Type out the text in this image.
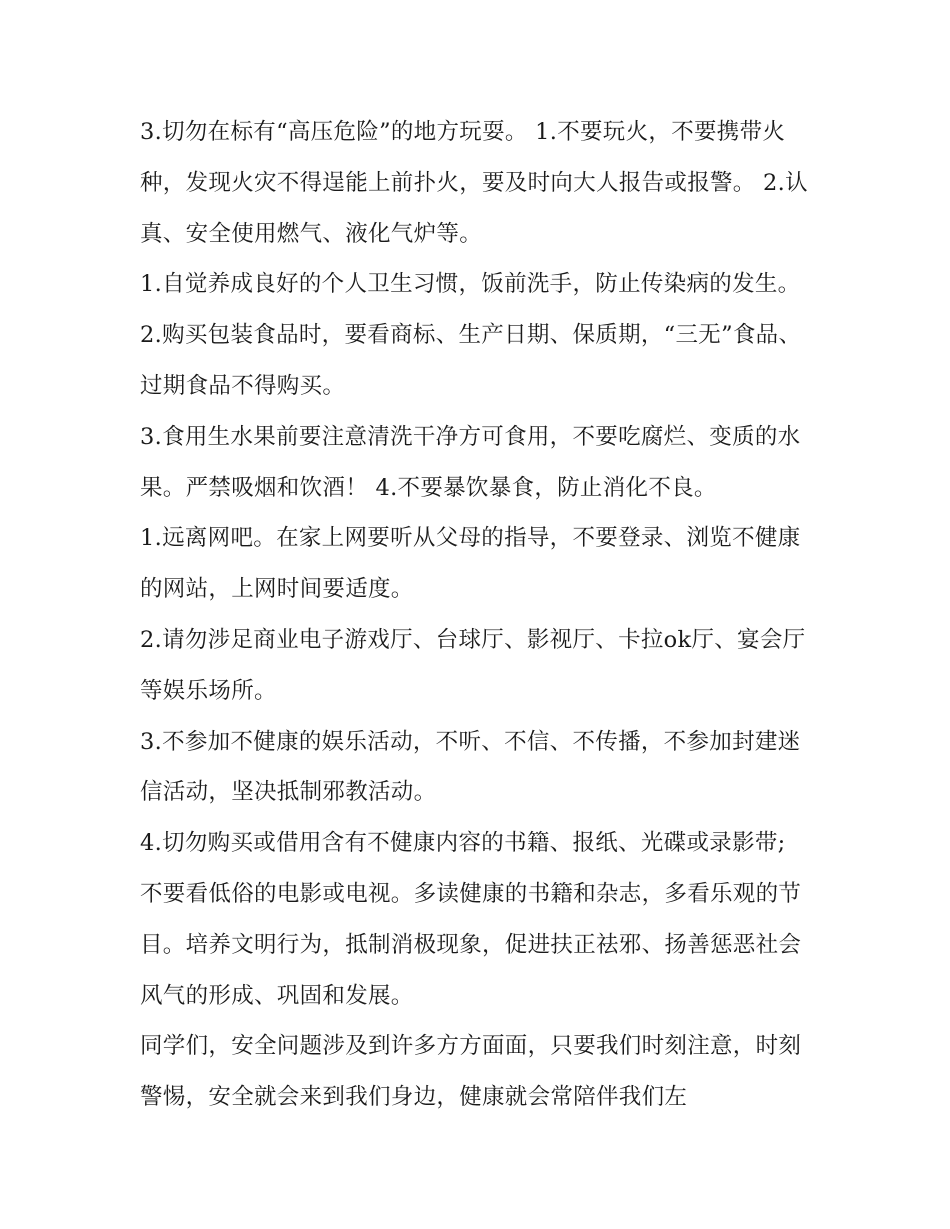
3.切勿在标有“高压危险”的地方玩耍。 1.不要玩火，不要携带火种，发现火灾不得逞能上前扑火，要及时向大人报告或报警。 2.认真、安全使用燃气、液化气炉等。

1.自觉养成良好的个人卫生习惯，饭前洗手，防止传染病的发生。 2.购买包装食品时，要看商标、生产日期、保质期，“三无”食品、过期食品不得购买。

3.食用生水果前要注意清洗干净方可食用，不要吃腐烂、变质的水果。严禁吸烟和饮酒！ 4.不要暴饮暴食，防止消化不良。

1.远离网吧。在家上网要听从父母的指导，不要登录、浏览不健康的网站，上网时间要适度。

2.请勿涉足商业电子游戏厅、台球厅、影视厅、卡拉ok厅、宴会厅等娱乐场所。

3.不参加不健康的娱乐活动，不听、不信、不传播，不参加封建迷信活动，坚决抵制邪教活动。

4.切勿购买或借用含有不健康内容的书籍、报纸、光碟或录影带;不要看低俗的电影或电视。多读健康的书籍和杂志，多看乐观的节目。培养文明行为，抵制消极现象，促进扶正祛邪、扬善惩恶社会风气的形成、巩固和发展。

同学们，安全问题涉及到许多方方面面，只要我们时刻注意，时刻警惕，安全就会来到我们身边，健康就会常陪伴我们左
